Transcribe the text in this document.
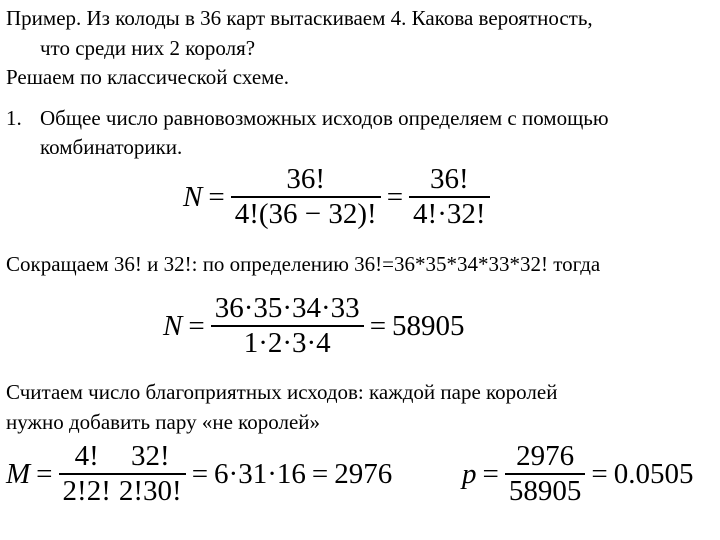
Пример. Из колоды в 36 карт вытаскиваем 4. Какова вероятность,
что среди них 2 короля?
Решаем по классической схеме.
1. Общее число равновозможных исходов определяем с помощью
комбинаторики.
$N = \frac{36!}{4!(36 - 32)!} = \frac{36!}{4!\cdot 32!}$
Сокращаем 36! и 32!: по определению 36!=36*35*34*33*32! тогда
$N = \frac{36\cdot 35\cdot 34\cdot 33}{1\cdot 2\cdot 3\cdot 4} = 58905$
Считаем число благоприятных исходов: каждой паре королей
нужно добавить пару «не королей»
$M = \frac{4!}{2!2!} \frac{32!}{2!30!} = 6\cdot 31\cdot 16 = 2976$ $p = \frac{2976}{58905} = 0.0505$
